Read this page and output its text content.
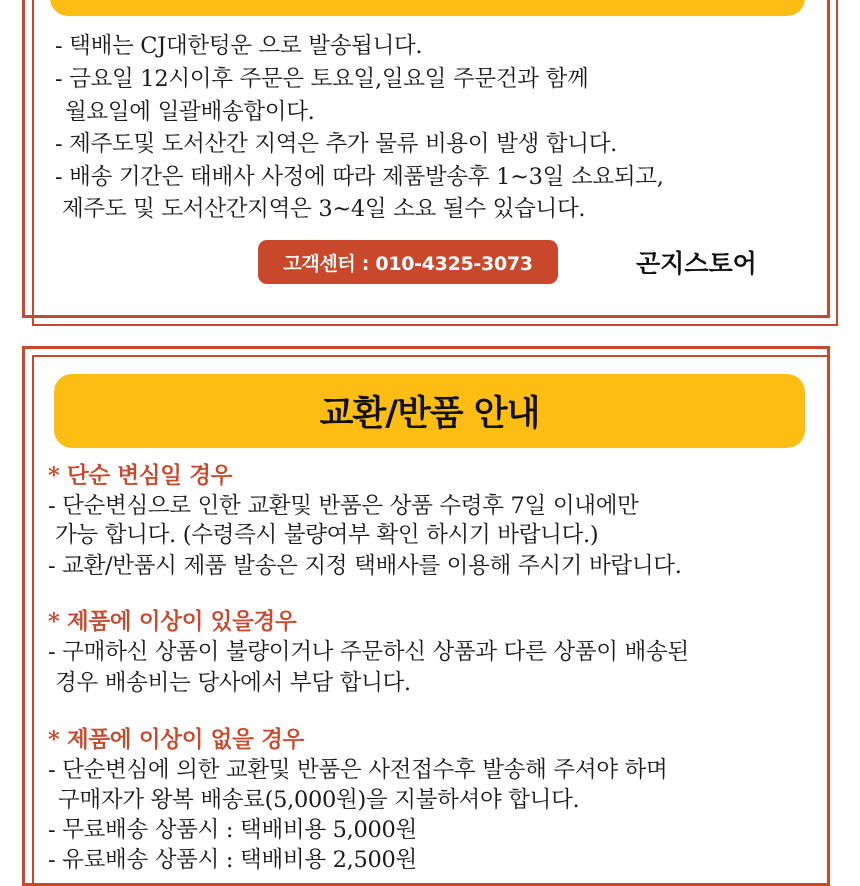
- 택배는 CJ대한텅운 으로 발송됩니다.
- 금요일 12시이후 주문은 토요일,일요일 주문건과 함께
월요일에 일괄배송합이다.
- 제주도및 도서산간 지역은 추가 물류 비용이 발생 합니다.
- 배송 기간은 태배사 사정에 따라 제품발송후 1~3일 소요되고,
제주도 및 도서산간지역은 3~4일 소요 될수 있습니다.
고객센터 : 010-4325-3073	곤지스토어
교환/반품 안내
* 단순 변심일 경우
- 단순변심으로 인한 교환및 반품은 상품 수령후 7일 이내에만
가능 합니다. (수령즉시 불량여부 확인 하시기 바랍니다.)
- 교환/반품시 제품 발송은 지정 택배사를 이용해 주시기 바랍니다.
* 제품에 이상이 있을경우
- 구매하신 상품이 불량이거나 주문하신 상품과 다른 상품이 배송된
경우 배송비는 당사에서 부담 합니다.
* 제품에 이상이 없을 경우
- 단순변심에 의한 교환및 반품은 사전접수후 발송해 주셔야 하며
구매자가 왕복 배송료(5,000원)을 지불하셔야 합니다.
- 무료배송 상품시 : 택배비용 5,000원
- 유료배송 상품시 : 택배비용 2,500원
